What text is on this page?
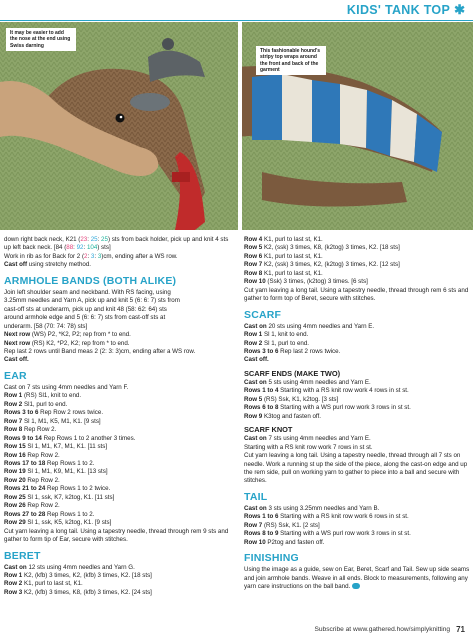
KIDS' TANK TOP ✱
It may be easier to add the nose at the end using Swiss darning
This fashionable hound's stripy top wraps around the front and back of the garment

down right back neck, K21 (23: 25: 25) sts from back holder, pick up and knit 4 sts up left back neck. [84 (88: 92: 104) sts]

Work in rib as for Back for 2 (2: 3: 3)cm, ending after a WS row.

Cast off using stretchy method.

ARMHOLE BANDS (BOTH ALIKE)

Join left shoulder seam and neckband. With RS facing, using

3.25mm needles and Yarn A, pick up and knit 5 (6: 6: 7) sts from

cast-off sts at underarm, pick up and knit 48 (58: 62: 64) sts

around armhole edge and 5 (6: 6: 7) sts from cast-off sts at

underarm. [58 (70: 74: 78) sts]

Next row (WS) P2, *K2, P2; rep from * to end.

Next row (RS) K2, *P2, K2; rep from * to end.

Rep last 2 rows until Band meas 2 (2: 3: 3)cm, ending after a WS row.

Cast off.

EAR

Cast on 7 sts using 4mm needles and Yarn F.

Row 1 (RS) Sl1, knit to end.

Row 2 Sl1, purl to end.

Rows 3 to 6 Rep Row 2 rows twice.

Row 7 Sl 1, M1, K5, M1, K1. [9 sts]

Row 8 Rep Row 2.

Rows 9 to 14 Rep Rows 1 to 2 another 3 times.

Row 15 Sl 1, M1, K7, M1, K1. [11 sts]

Row 16 Rep Row 2.

Rows 17 to 18 Rep Rows 1 to 2.

Row 19 Sl 1, M1, K9, M1, K1. [13 sts]

Row 20 Rep Row 2.

Rows 21 to 24 Rep Rows 1 to 2 twice.

Row 25 Sl 1, ssk, K7, k2tog, K1. [11 sts]

Row 26 Rep Row 2.

Rows 27 to 28 Rep Rows 1 to 2.

Row 29 Sl 1, ssk, K5, k2tog, K1. [9 sts]

Cut yarn leaving a long tail. Using a tapestry needle, thread through rem 9 sts and gather to form tip of Ear, secure with stitches.

BERET

Cast on 12 sts using 4mm needles and Yarn G.

Row 1 K2, (kfb) 3 times, K2, (kfb) 3 times, K2. [18 sts]

Row 2 K1, purl to last st, K1.

Row 3 K2, (kfb) 3 times, K8, (kfb) 3 times, K2. [24 sts]

Row 4 K1, purl to last st, K1.

Row 5 K2, (ssk) 3 times, K8, (k2tog) 3 times, K2. [18 sts]

Row 6 K1, purl to last st, K1.

Row 7 K2, (ssk) 3 times, K2, (k2tog) 3 times, K2. [12 sts]

Row 8 K1, purl to last st, K1.

Row 10 (Ssk) 3 times, (k2tog) 3 times. [6 sts]

Cut yarn leaving a long tail. Using a tapestry needle, thread through rem 6 sts and gather to form top of Beret, secure with stitches.

SCARF

Cast on 20 sts using 4mm needles and Yarn E.

Row 1 Sl 1, knit to end.

Row 2 Sl 1, purl to end.

Rows 3 to 6 Rep last 2 rows twice.

Cast off.

SCARF ENDS (MAKE TWO)

Cast on 5 sts using 4mm needles and Yarn E.

Rows 1 to 4 Starting with a RS knit row work 4 rows in st st.

Row 5 (RS) Ssk, K1, k2tog. [3 sts]

Rows 6 to 8 Starting with a WS purl row work 3 rows in st st.

Row 9 K3tog and fasten off.

SCARF KNOT

Cast on 7 sts using 4mm needles and Yarn E.

Starting with a RS knit row work 7 rows in st st.

Cut yarn leaving a long tail. Using a tapestry needle, thread through all 7 sts on needle. Work a running st up the side of the piece, along the cast-on edge and up the rem side, pull on working yarn to gather to piece into a ball and secure with stitches.

TAIL

Cast on 3 sts using 3.25mm needles and Yarn B.

Rows 1 to 6 Starting with a RS knit row work 6 rows in st st.

Row 7 (RS) Ssk, K1. [2 sts]

Rows 8 to 9 Starting with a WS purl row work 3 rows in st st.

Row 10 P2tog and fasten off.

FINISHING

Using the image as a guide, sew on Ear, Beret, Scarf and Tail. Sew up side seams and join armhole bands. Weave in all ends. Block to measurements, following any yarn care instructions on the ball band.

Subscribe at www.gathered.how/simplyknitting 71
